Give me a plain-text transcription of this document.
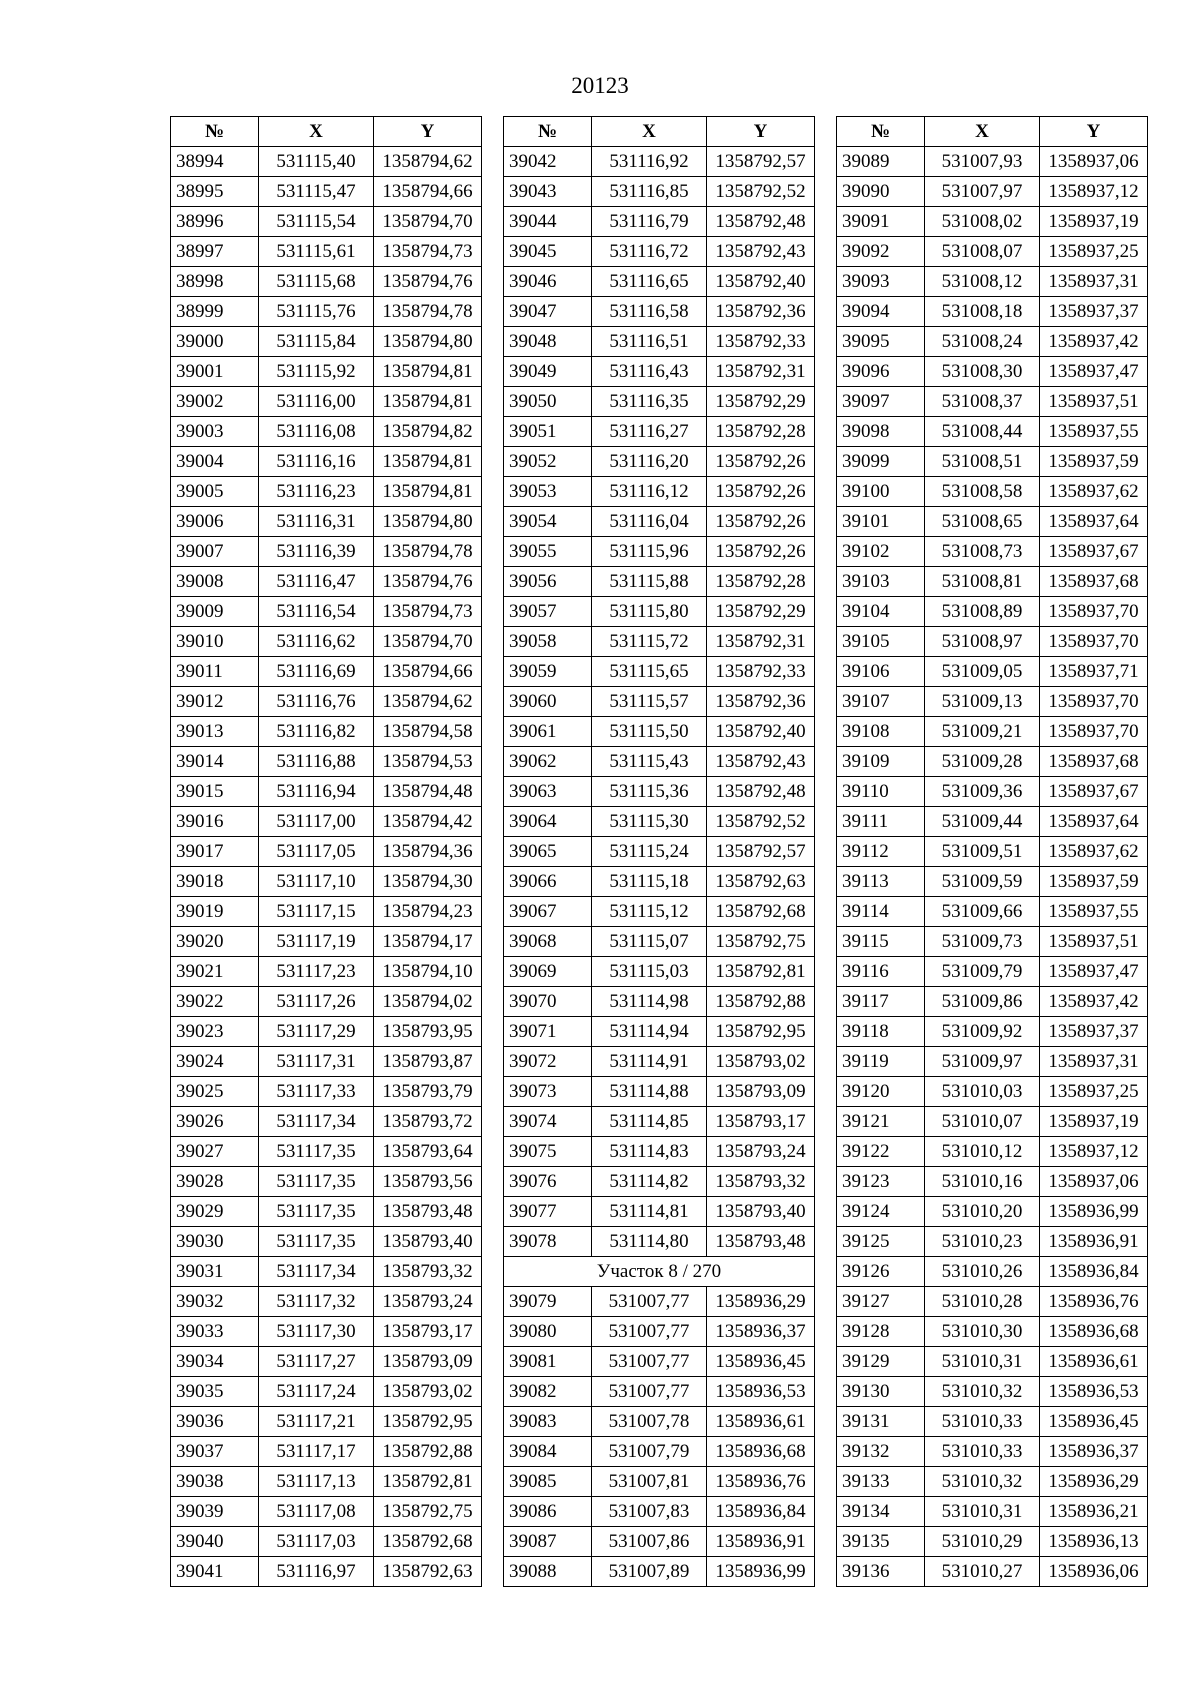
20123
№	X	Y
38994	531115,40	1358794,62
38995	531115,47	1358794,66
38996	531115,54	1358794,70
38997	531115,61	1358794,73
38998	531115,68	1358794,76
38999	531115,76	1358794,78
39000	531115,84	1358794,80
39001	531115,92	1358794,81
39002	531116,00	1358794,81
39003	531116,08	1358794,82
39004	531116,16	1358794,81
39005	531116,23	1358794,81
39006	531116,31	1358794,80
39007	531116,39	1358794,78
39008	531116,47	1358794,76
39009	531116,54	1358794,73
39010	531116,62	1358794,70
39011	531116,69	1358794,66
39012	531116,76	1358794,62
39013	531116,82	1358794,58
39014	531116,88	1358794,53
39015	531116,94	1358794,48
39016	531117,00	1358794,42
39017	531117,05	1358794,36
39018	531117,10	1358794,30
39019	531117,15	1358794,23
39020	531117,19	1358794,17
39021	531117,23	1358794,10
39022	531117,26	1358794,02
39023	531117,29	1358793,95
39024	531117,31	1358793,87
39025	531117,33	1358793,79
39026	531117,34	1358793,72
39027	531117,35	1358793,64
39028	531117,35	1358793,56
39029	531117,35	1358793,48
39030	531117,35	1358793,40
39031	531117,34	1358793,32
39032	531117,32	1358793,24
39033	531117,30	1358793,17
39034	531117,27	1358793,09
39035	531117,24	1358793,02
39036	531117,21	1358792,95
39037	531117,17	1358792,88
39038	531117,13	1358792,81
39039	531117,08	1358792,75
39040	531117,03	1358792,68
39041	531116,97	1358792,63
№	X	Y
39042	531116,92	1358792,57
39043	531116,85	1358792,52
39044	531116,79	1358792,48
39045	531116,72	1358792,43
39046	531116,65	1358792,40
39047	531116,58	1358792,36
39048	531116,51	1358792,33
39049	531116,43	1358792,31
39050	531116,35	1358792,29
39051	531116,27	1358792,28
39052	531116,20	1358792,26
39053	531116,12	1358792,26
39054	531116,04	1358792,26
39055	531115,96	1358792,26
39056	531115,88	1358792,28
39057	531115,80	1358792,29
39058	531115,72	1358792,31
39059	531115,65	1358792,33
39060	531115,57	1358792,36
39061	531115,50	1358792,40
39062	531115,43	1358792,43
39063	531115,36	1358792,48
39064	531115,30	1358792,52
39065	531115,24	1358792,57
39066	531115,18	1358792,63
39067	531115,12	1358792,68
39068	531115,07	1358792,75
39069	531115,03	1358792,81
39070	531114,98	1358792,88
39071	531114,94	1358792,95
39072	531114,91	1358793,02
39073	531114,88	1358793,09
39074	531114,85	1358793,17
39075	531114,83	1358793,24
39076	531114,82	1358793,32
39077	531114,81	1358793,40
39078	531114,80	1358793,48
Участок 8 / 270		
39079	531007,77	1358936,29
39080	531007,77	1358936,37
39081	531007,77	1358936,45
39082	531007,77	1358936,53
39083	531007,78	1358936,61
39084	531007,79	1358936,68
39085	531007,81	1358936,76
39086	531007,83	1358936,84
39087	531007,86	1358936,91
39088	531007,89	1358936,99
№	X	Y
39089	531007,93	1358937,06
39090	531007,97	1358937,12
39091	531008,02	1358937,19
39092	531008,07	1358937,25
39093	531008,12	1358937,31
39094	531008,18	1358937,37
39095	531008,24	1358937,42
39096	531008,30	1358937,47
39097	531008,37	1358937,51
39098	531008,44	1358937,55
39099	531008,51	1358937,59
39100	531008,58	1358937,62
39101	531008,65	1358937,64
39102	531008,73	1358937,67
39103	531008,81	1358937,68
39104	531008,89	1358937,70
39105	531008,97	1358937,70
39106	531009,05	1358937,71
39107	531009,13	1358937,70
39108	531009,21	1358937,70
39109	531009,28	1358937,68
39110	531009,36	1358937,67
39111	531009,44	1358937,64
39112	531009,51	1358937,62
39113	531009,59	1358937,59
39114	531009,66	1358937,55
39115	531009,73	1358937,51
39116	531009,79	1358937,47
39117	531009,86	1358937,42
39118	531009,92	1358937,37
39119	531009,97	1358937,31
39120	531010,03	1358937,25
39121	531010,07	1358937,19
39122	531010,12	1358937,12
39123	531010,16	1358937,06
39124	531010,20	1358936,99
39125	531010,23	1358936,91
39126	531010,26	1358936,84
39127	531010,28	1358936,76
39128	531010,30	1358936,68
39129	531010,31	1358936,61
39130	531010,32	1358936,53
39131	531010,33	1358936,45
39132	531010,33	1358936,37
39133	531010,32	1358936,29
39134	531010,31	1358936,21
39135	531010,29	1358936,13
39136	531010,27	1358936,06
